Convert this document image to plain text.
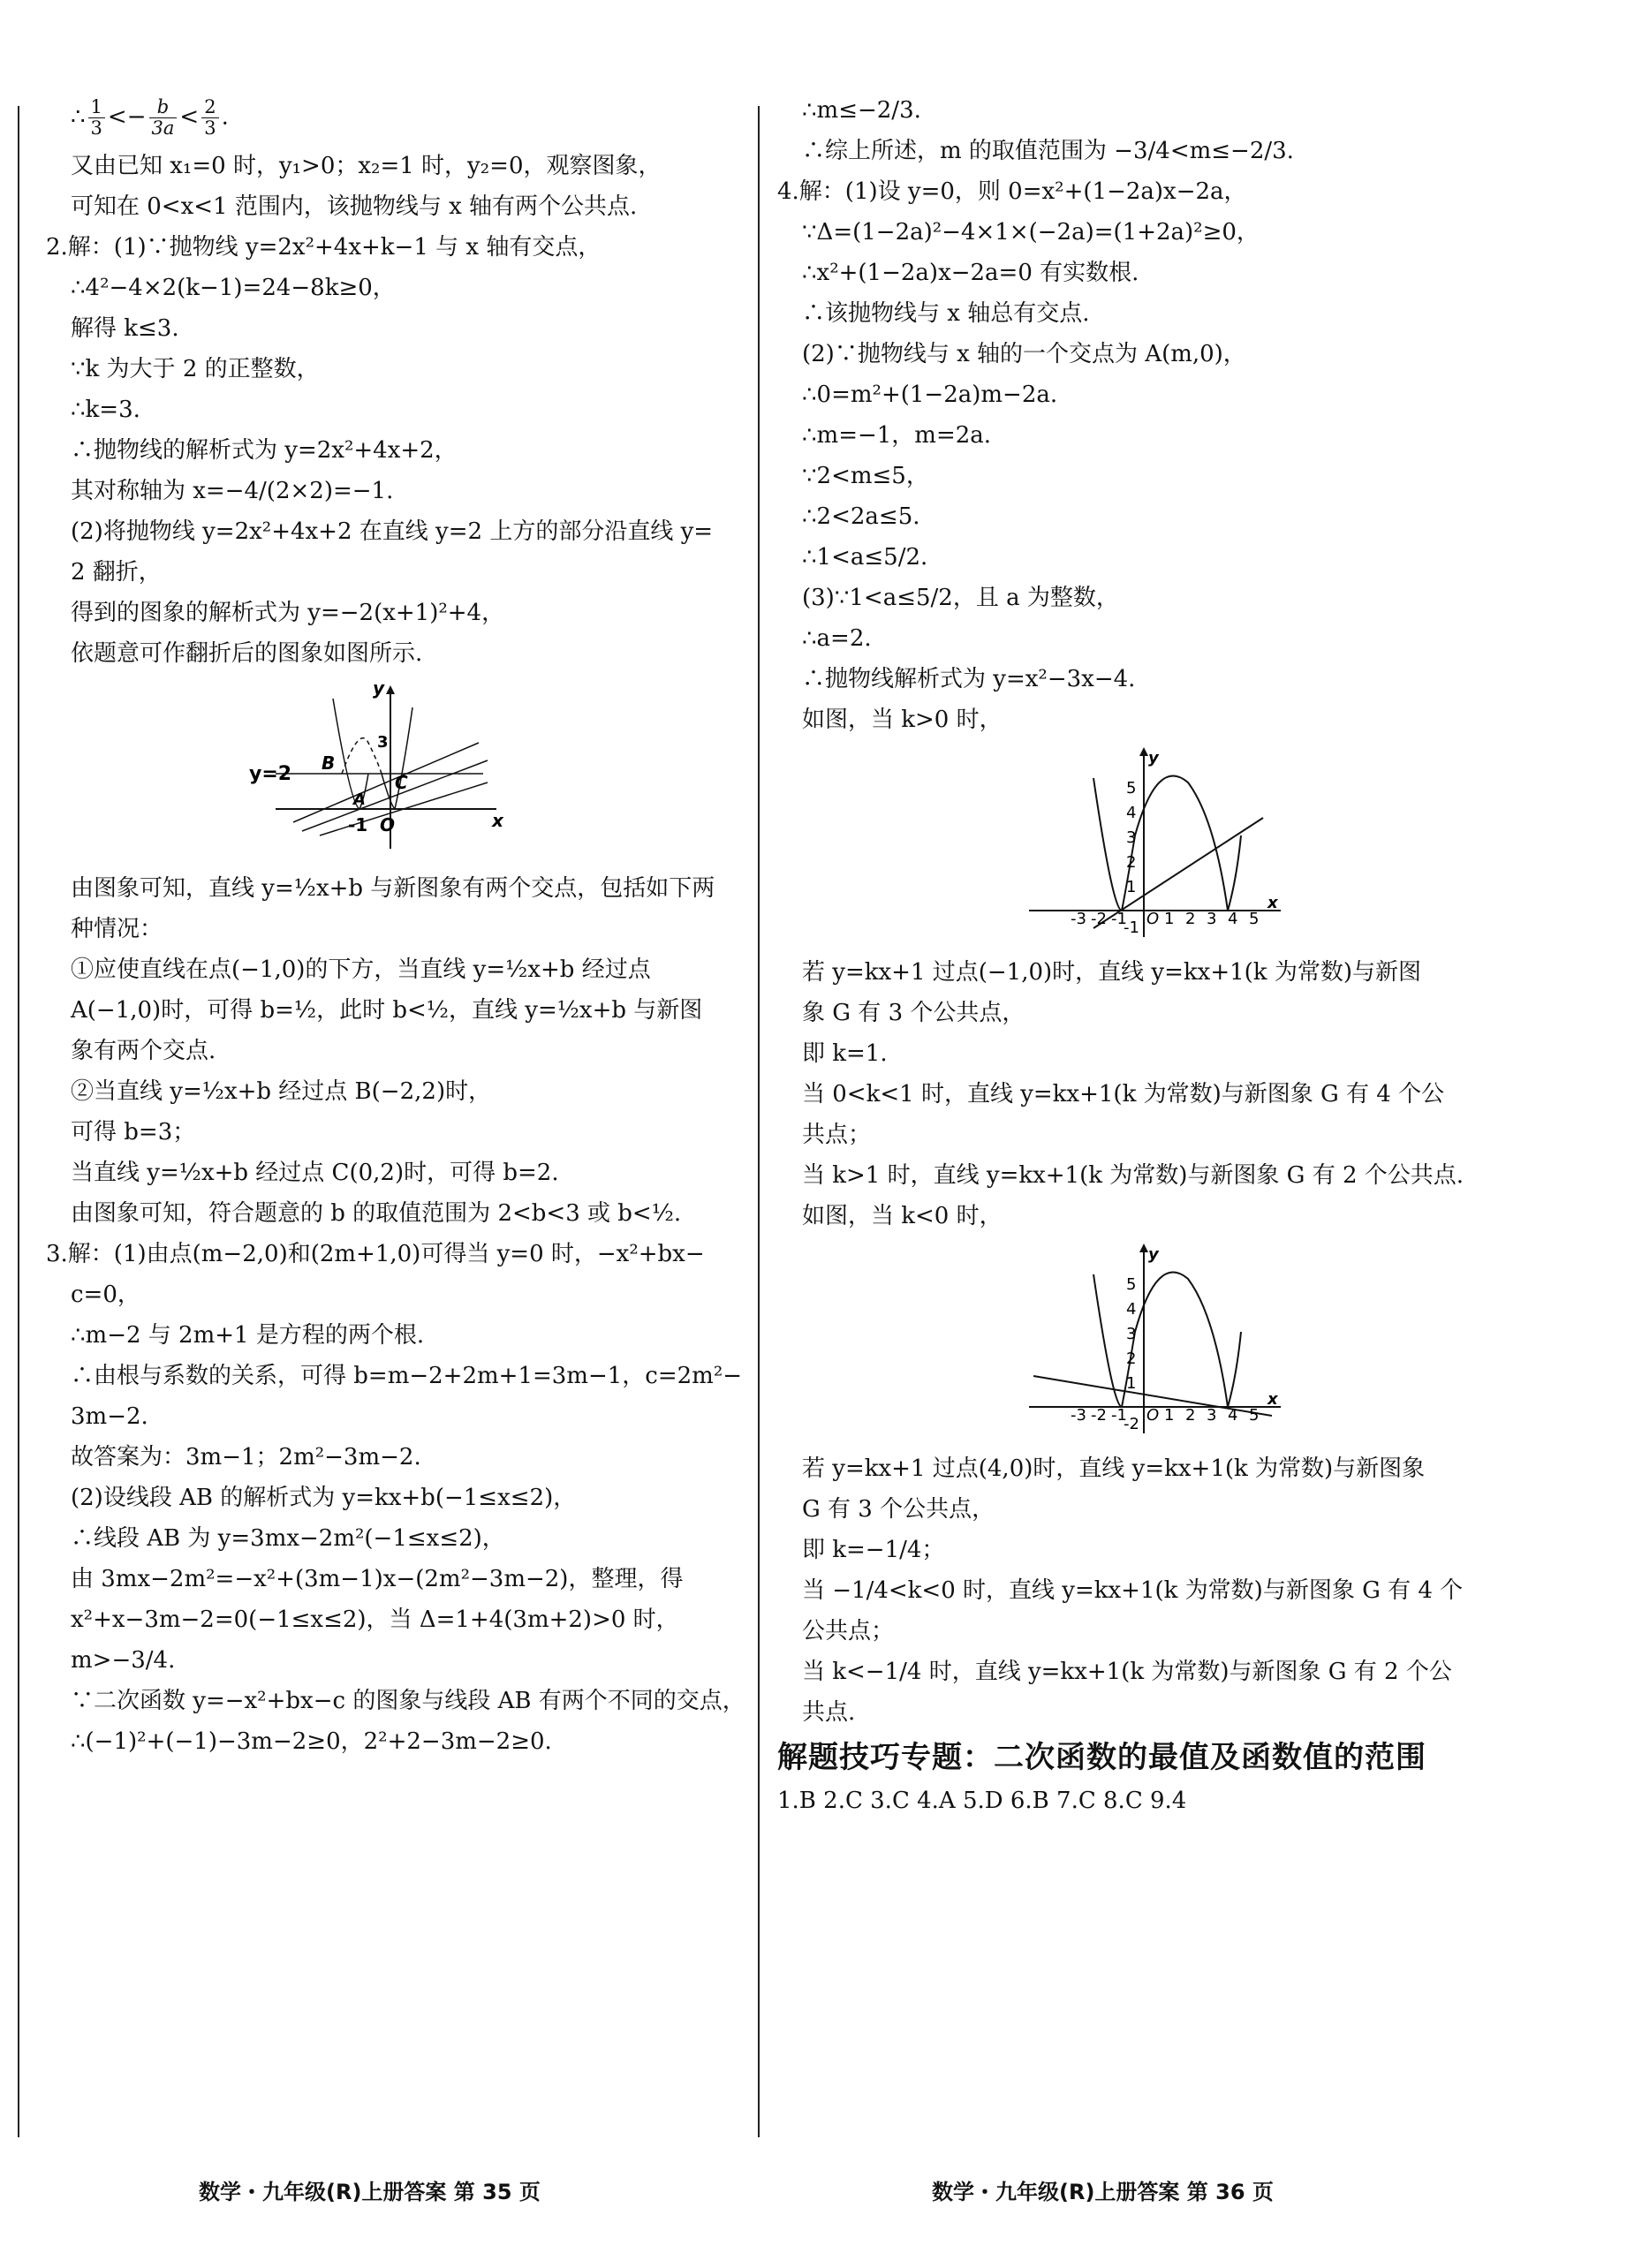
∴ $\frac{1}{3} <- \frac{b}{3a} < \frac{2}{3}$ .
又由已知 x₁=0 时，y₁>0；x₂=1 时，y₂=0，观察图象，
可知在 0<x<1 范围内，该抛物线与 x 轴有两个公共点.
2.解：(1)∵抛物线 y=2x²+4x+k−1 与 x 轴有交点，
∴4²−4×2(k−1)=24−8k≥0，
解得 k≤3.
∵k 为大于 2 的正整数，
∴k=3.
∴抛物线的解析式为 y=2x²+4x+2，
其对称轴为 x=−4/(2×2)=−1.
(2)将抛物线 y=2x²+4x+2 在直线 y=2 上方的部分沿直线 y=
2 翻折，
得到的图象的解析式为 y=−2(x+1)²+4，
依题意可作翻折后的图象如图所示.
y=2 B
A
C
-1 O	x
y
3
由图象可知，直线 y=½x+b 与新图象有两个交点，包括如下两
种情况：
①应使直线在点(−1,0)的下方，当直线 y=½x+b 经过点
A(−1,0)时，可得 b=½，此时 b<½，直线 y=½x+b 与新图
象有两个交点.
②当直线 y=½x+b 经过点 B(−2,2)时，
可得 b=3；
当直线 y=½x+b 经过点 C(0,2)时，可得 b=2.
由图象可知，符合题意的 b 的取值范围为 2<b<3 或 b<½.
3.解：(1)由点(m−2,0)和(2m+1,0)可得当 y=0 时，−x²+bx−
c=0，
∴m−2 与 2m+1 是方程的两个根.
∴由根与系数的关系，可得 b=m−2+2m+1=3m−1，c=2m²−
3m−2.
故答案为：3m−1；2m²−3m−2.
(2)设线段 AB 的解析式为 y=kx+b(−1≤x≤2)，
∴线段 AB 为 y=3mx−2m²(−1≤x≤2)，
由 3mx−2m²=−x²+(3m−1)x−(2m²−3m−2)，整理，得
x²+x−3m−2=0(−1≤x≤2)，当 Δ=1+4(3m+2)>0 时，
m>−3/4.
∵二次函数 y=−x²+bx−c 的图象与线段 AB 有两个不同的交点，
∴(−1)²+(−1)−3m−2≥0，2²+2−3m−2≥0.
∴m≤−2/3.
∴综上所述，m 的取值范围为 −3/4<m≤−2/3.
4.解：(1)设 y=0，则 0=x²+(1−2a)x−2a，
∵Δ=(1−2a)²−4×1×(−2a)=(1+2a)²≥0，
∴x²+(1−2a)x−2a=0 有实数根.
∴该抛物线与 x 轴总有交点.
(2)∵抛物线与 x 轴的一个交点为 A(m,0)，
∴0=m²+(1−2a)m−2a.
∴m=−1，m=2a.
∵2<m≤5，
∴2<2a≤5.
∴1<a≤5/2.
(3)∵1<a≤5/2，且 a 为整数，
∴a=2.
∴抛物线解析式为 y=x²−3x−4.
如图，当 k>0 时，
y
x
5
4
3
2
1
-1
-3 -2 -1 O 1 2 3 4 5
若 y=kx+1 过点(−1,0)时，直线 y=kx+1(k 为常数)与新图
象 G 有 3 个公共点，
即 k=1.
当 0<k<1 时，直线 y=kx+1(k 为常数)与新图象 G 有 4 个公
共点；
当 k>1 时，直线 y=kx+1(k 为常数)与新图象 G 有 2 个公共点.
如图，当 k<0 时，
y
x
5
4
3
2
1
-2
-3 -2 -1 O 1 2 3 4 5
若 y=kx+1 过点(4,0)时，直线 y=kx+1(k 为常数)与新图象
G 有 3 个公共点，
即 k=−1/4；
当 −1/4<k<0 时，直线 y=kx+1(k 为常数)与新图象 G 有 4 个
公共点；
当 k<−1/4 时，直线 y=kx+1(k 为常数)与新图象 G 有 2 个公
共点.
解题技巧专题：二次函数的最值及函数值的范围
1.B 2.C 3.C 4.A 5.D 6.B 7.C 8.C 9.4
数学・九年级(R)上册答案 第 35 页	数学・九年级(R)上册答案 第 36 页
